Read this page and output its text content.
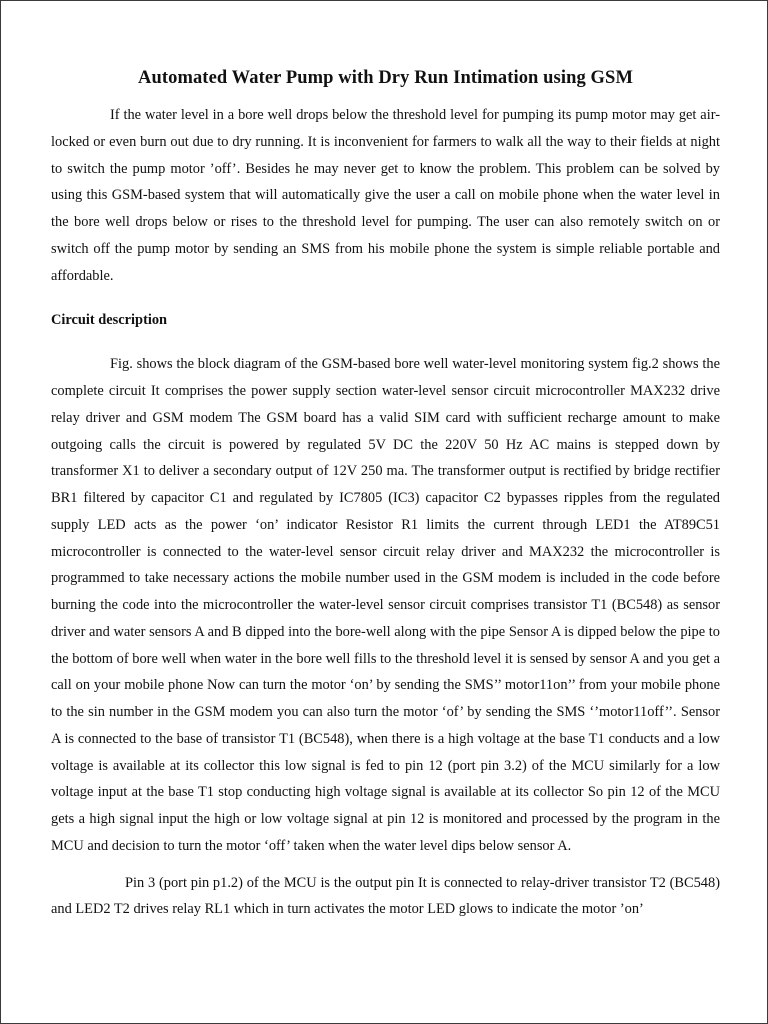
Automated Water Pump with Dry Run Intimation using GSM

If the water level in a bore well drops below the threshold level for pumping its pump motor may get air-locked or even burn out due to dry running. It is inconvenient for farmers to walk all the way to their fields at night to switch the pump motor ’off’. Besides he may never get to know the problem. This problem can be solved by using this GSM-based system that will automatically give the user a call on mobile phone when the water level in the bore well drops below or rises to the threshold level for pumping. The user can also remotely switch on or switch off the pump motor by sending an SMS from his mobile phone the system is simple reliable portable and affordable.

Circuit description

Fig. shows the block diagram of the GSM-based bore well water-level monitoring system fig.2 shows the complete circuit It comprises the power supply section water-level sensor circuit microcontroller MAX232 drive relay driver and GSM modem The GSM board has a valid SIM card with sufficient recharge amount to make outgoing calls the circuit is powered by regulated 5V DC the 220V 50 Hz AC mains is stepped down by transformer X1 to deliver a secondary output of 12V 250 ma. The transformer output is rectified by bridge rectifier BR1 filtered by capacitor C1 and regulated by IC7805 (IC3) capacitor C2 bypasses ripples from the regulated supply LED acts as the power ‘on’ indicator Resistor R1 limits the current through LED1 the AT89C51 microcontroller is connected to the water-level sensor circuit relay driver and MAX232 the microcontroller is programmed to take necessary actions the mobile number used in the GSM modem is included in the code before burning the code into the microcontroller the water-level sensor circuit comprises transistor T1 (BC548) as sensor driver and water sensors A and B dipped into the bore-well along with the pipe Sensor A is dipped below the pipe to the bottom of bore well when water in the bore well fills to the threshold level it is sensed by sensor A and you get a call on your mobile phone Now can turn the motor ‘on’ by sending the SMS’’ motor11on’’ from your mobile phone to the sin number in the GSM modem you can also turn the motor ‘of’ by sending the SMS ‘’motor11off’’. Sensor A is connected to the base of transistor T1 (BC548), when there is a high voltage at the base T1 conducts and a low voltage is available at its collector this low signal is fed to pin 12 (port pin 3.2) of the MCU similarly for a low voltage input at the base T1 stop conducting high voltage signal is available at its collector So pin 12 of the MCU gets a high signal input the high or low voltage signal at pin 12 is monitored and processed by the program in the MCU and decision to turn the motor ‘off’ taken when the water level dips below sensor A.

Pin 3 (port pin p1.2) of the MCU is the output pin It is connected to relay-driver transistor T2 (BC548) and LED2 T2 drives relay RL1 which in turn activates the motor LED glows to indicate the motor ’on’
